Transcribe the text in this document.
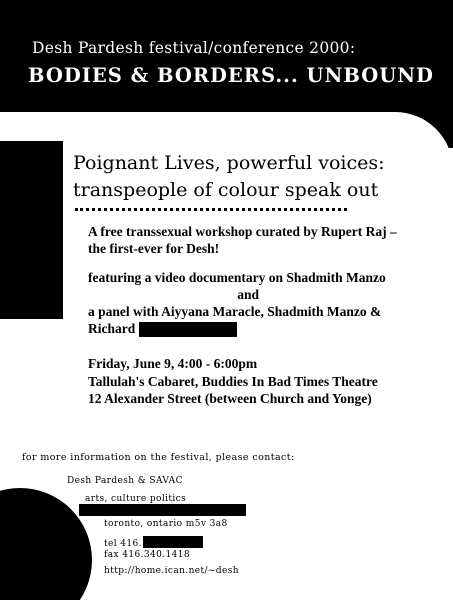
Desh Pardesh festival/conference 2000:
BODIES & BORDERS... UNBOUND
Poignant Lives, powerful voices:
transpeople of colour speak out
A free transsexual workshop curated by Rupert Raj –
the first-ever for Desh!
featuring a video documentary on Shadmith Manzo
and
a panel with Aiyyana Maracle, Shadmith Manzo &
Richard
Friday, June 9, 4:00 - 6:00pm
Tallulah's Cabaret, Buddies In Bad Times Theatre
12 Alexander Street (between Church and Yonge)
for more information on the festival, please contact:
Desh Pardesh & SAVAC
arts, culture politics
toronto, ontario m5v 3a8
tel 416.
fax 416.340.1418
http://home.ican.net/~desh
